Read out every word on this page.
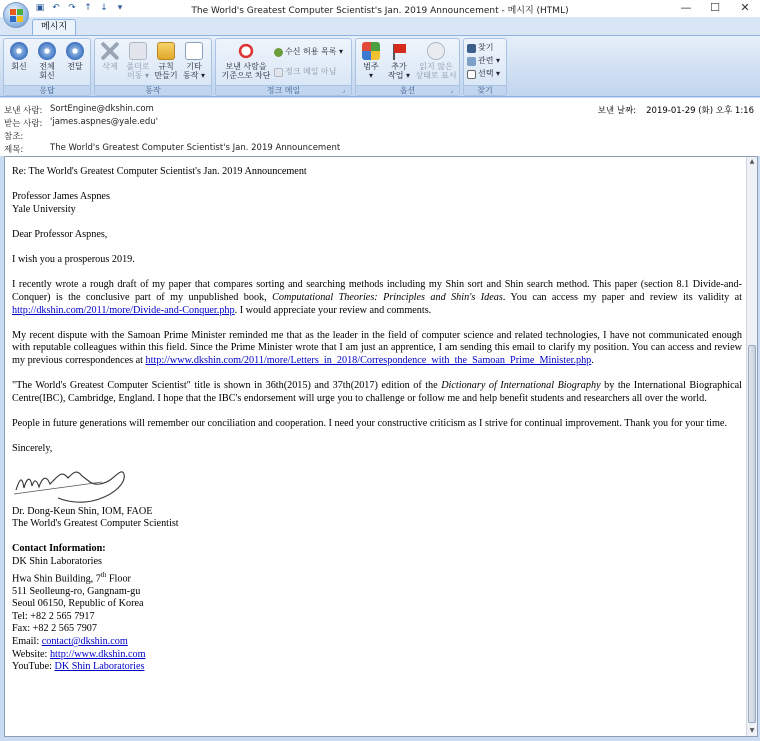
▣ ↶ ↷ ↑ ↓	▾	The World's Greatest Computer Scientist's Jan. 2019 Announcement - 메시지 (HTML)	—	☐	✕
메시지
회신	전체
회신
전달
응답
삭제	폴더로
이동 ▾
규칙
만들기
기타
동작 ▾
동작
보낸 사람을
기준으로 차단
수신 허용 목록 ▾
정크 메일 아님
정크 메일	⌟
범주
▾
추가
작업 ▾
읽지 않은
상태로 표시
옵션	⌟
찾기
관련 ▾
선택 ▾
찾기
보낸 사람: SortEngine@dkshin.com
받는 사람: 'james.aspnes@yale.edu'
참조:
제목:	The World's Greatest Computer Scientist's Jan. 2019 Announcement
보낸 날짜: 2019-01-29 (화) 오후 1:16

Re: The World's Greatest Computer Scientist's Jan. 2019 Announcement

Professor James Aspnes
Yale University

Dear Professor Aspnes,

I wish you a prosperous 2019.

I recently wrote a rough draft of my paper that compares sorting and searching methods including my Shin sort and Shin search method. This paper (section 8.1 Divide-and-Conquer) is the conclusive part of my unpublished book, Computational Theories: Principles and Shin's Ideas. You can access my paper and review its validity at http://dkshin.com/2011/more/Divide-and-Conquer.php. I would appreciate your review and comments.

My recent dispute with the Samoan Prime Minister reminded me that as the leader in the field of computer science and related technologies, I have not communicated enough with reputable colleagues within this field. Since the Prime Minister wrote that I am just an apprentice, I am sending this email to clarify my position. You can access and review my previous correspondences at http://www.dkshin.com/2011/more/Letters_in_2018/Correspondence_with_the_Samoan_Prime_Minister.php.

"The World's Greatest Computer Scientist" title is shown in 36th(2015) and 37th(2017) edition of the Dictionary of International Biography by the International Biographical Centre(IBC), Cambridge, England. I hope that the IBC's endorsement will urge you to challenge or follow me and help benefit students and researchers all over the world.

People in future generations will remember our conciliation and cooperation. I need your constructive criticism as I strive for continual improvement. Thank you for your time.

Sincerely,
Dr. Dong-Keun Shin, IOM, FAOE
The World's Greatest Computer Scientist
Contact Information:
DK Shin Laboratories
Hwa Shin Building, 7th Floor
511 Seolleung-ro, Gangnam-gu
Seoul 06150, Republic of Korea
Tel: +82 2 565 7917
Fax: +82 2 565 7907
Email: contact@dkshin.com
Website: http://www.dkshin.com
YouTube: DK Shin Laboratories
▲
▼
